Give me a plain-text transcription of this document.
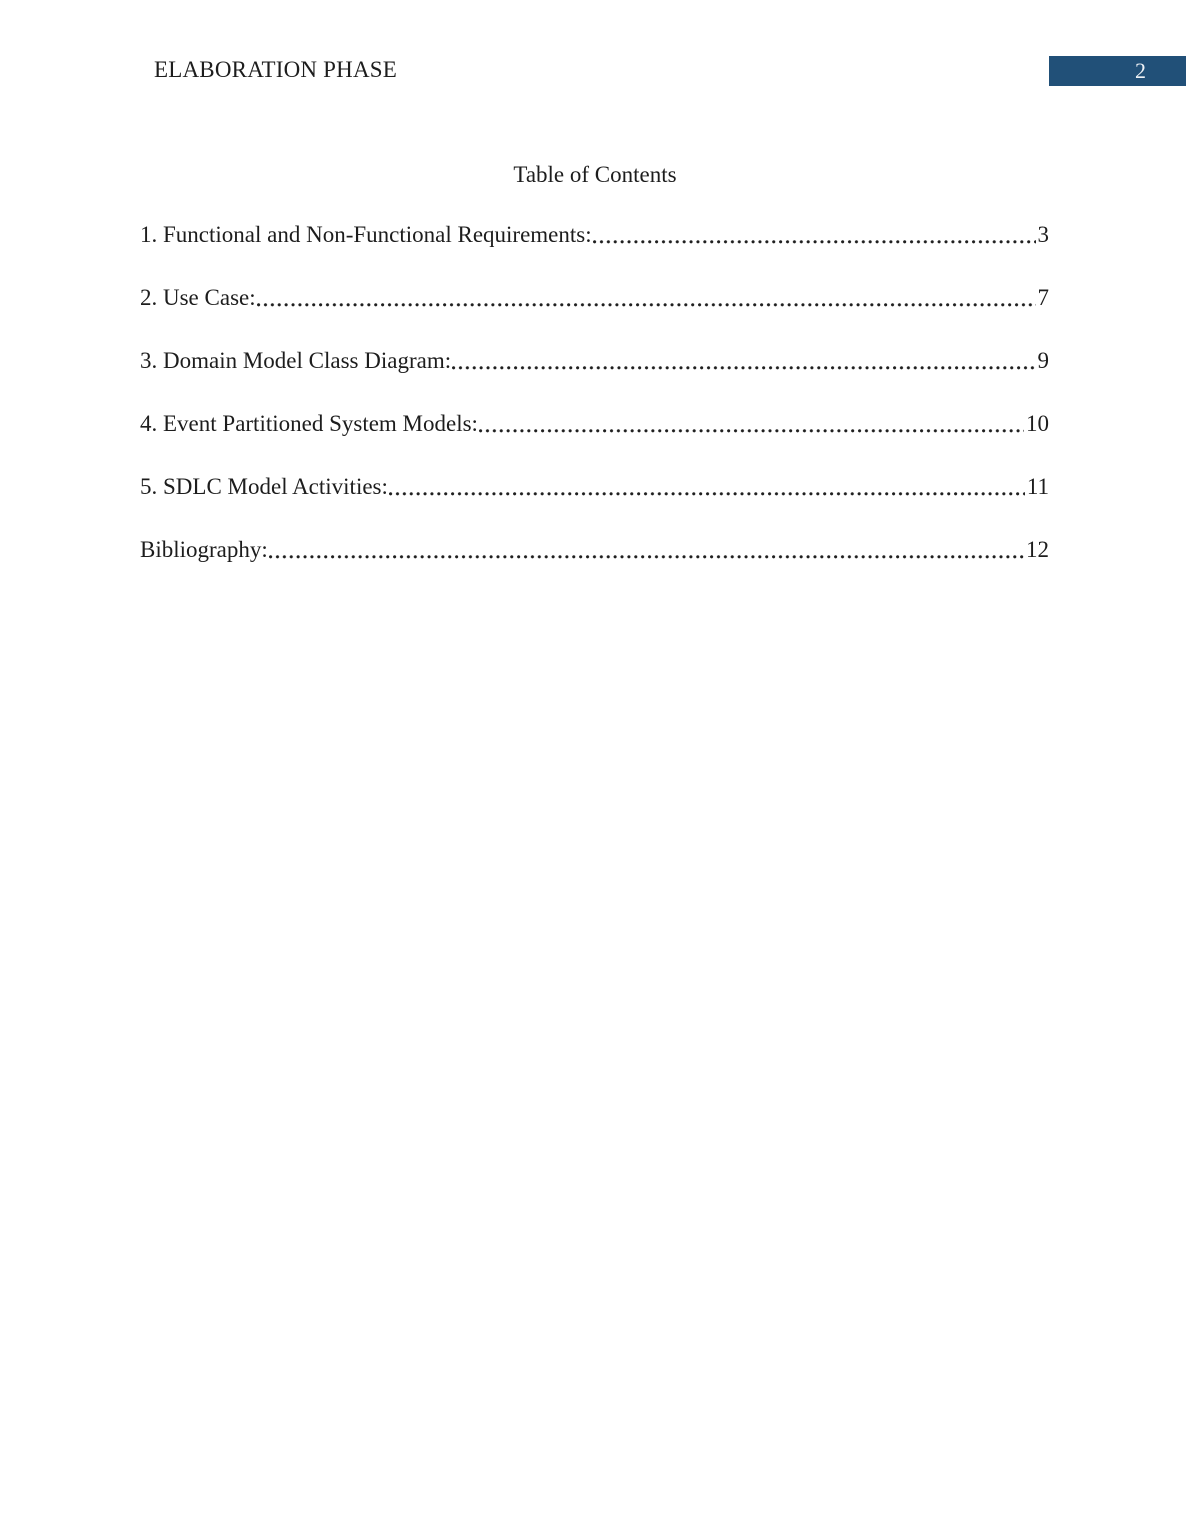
ELABORATION PHASE	2
Table of Contents
1. Functional and Non-Functional Requirements:	3
2. Use Case:	7
3. Domain Model Class Diagram:	9
4. Event Partitioned System Models:	10
5. SDLC Model Activities:	11
Bibliography:	12
